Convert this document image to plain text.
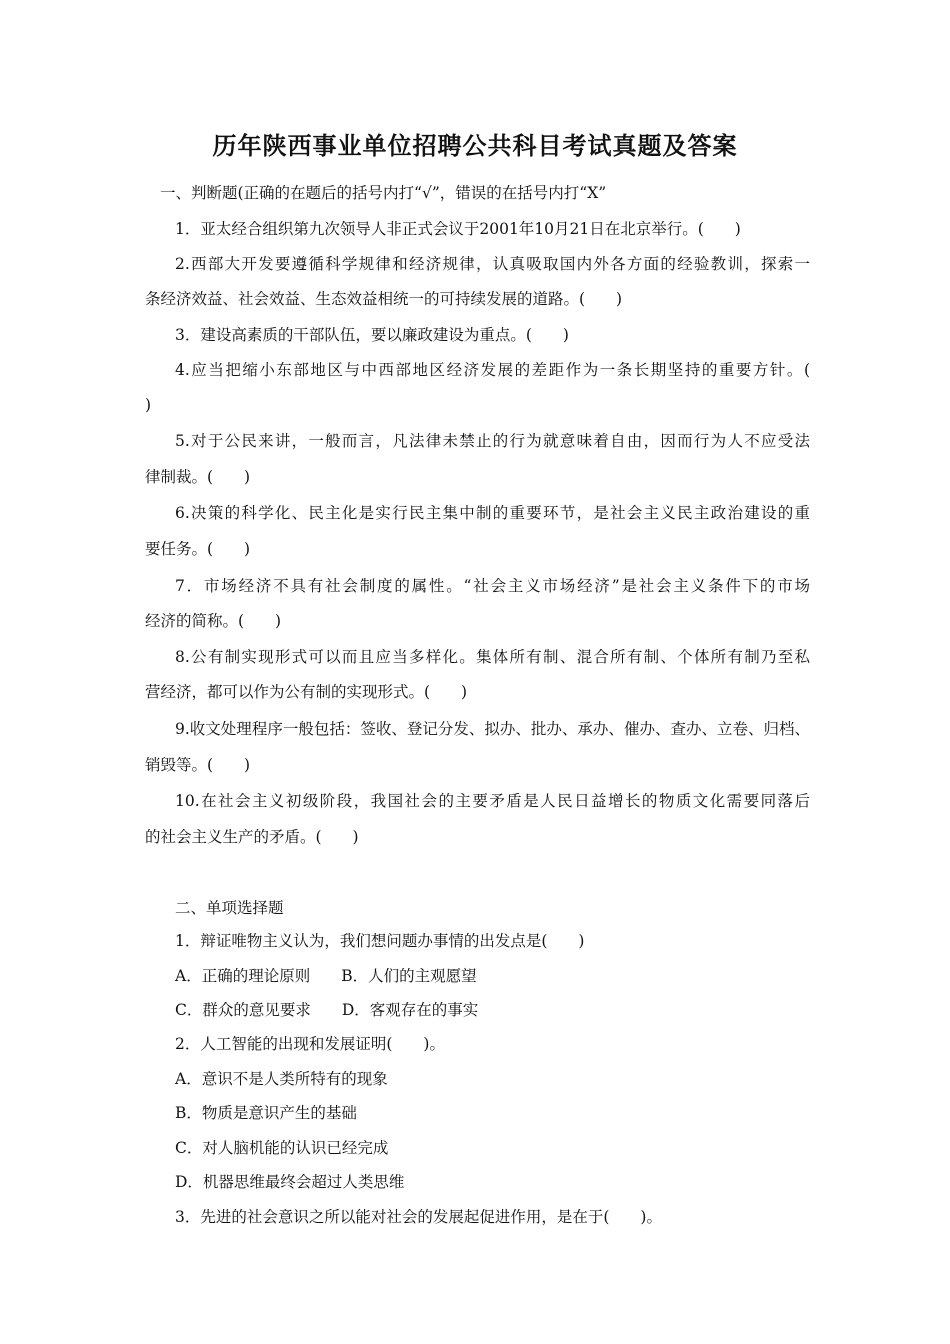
历年陕西事业单位招聘公共科目考试真题及答案
一、判断题(正确的在题后的括号内打“√”，错误的在括号内打“X”
1．亚太经合组织第九次领导人非正式会议于2001年10月21日在北京举行。(　　)
2.西部大开发要遵循科学规律和经济规律，认真吸取国内外各方面的经验教训，探索一
条经济效益、社会效益、生态效益相统一的可持续发展的道路。(　　)
3．建设高素质的干部队伍，要以廉政建设为重点。(　　)
4.应当把缩小东部地区与中西部地区经济发展的差距作为一条长期坚持的重要方针。(
)
5.对于公民来讲，一般而言，凡法律未禁止的行为就意味着自由，因而行为人不应受法
律制裁。(　　)
6.决策的科学化、民主化是实行民主集中制的重要环节，是社会主义民主政治建设的重
要任务。(　　)
7．市场经济不具有社会制度的属性。“社会主义市场经济”是社会主义条件下的市场
经济的简称。(　　)
8.公有制实现形式可以而且应当多样化。集体所有制、混合所有制、个体所有制乃至私
营经济，都可以作为公有制的实现形式。(　　)
9.收文处理程序一般包括：签收、登记分发、拟办、批办、承办、催办、查办、立卷、归档、
销毁等。(　　)
10.在社会主义初级阶段，我国社会的主要矛盾是人民日益增长的物质文化需要同落后
的社会主义生产的矛盾。(　　)
二、单项选择题
1．辩证唯物主义认为，我们想问题办事情的出发点是(　　)
A．正确的理论原则　　B．人们的主观愿望
C．群众的意见要求　　D．客观存在的事实
2．人工智能的出现和发展证明(　　)。
A．意识不是人类所特有的现象
B．物质是意识产生的基础
C．对人脑机能的认识已经完成
D．机器思维最终会超过人类思维
3．先进的社会意识之所以能对社会的发展起促进作用，是在于(　　)。
